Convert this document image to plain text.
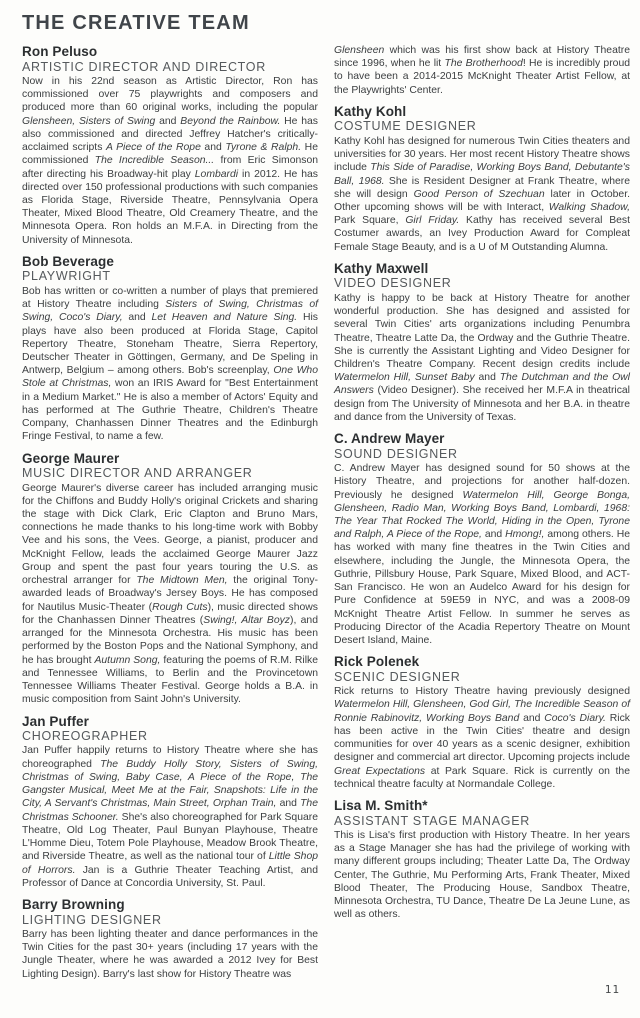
THE CREATIVE TEAM
Ron Peluso
ARTISTIC DIRECTOR AND DIRECTOR

Now in his 22nd season as Artistic Director, Ron has commissioned over 75 playwrights and composers and produced more than 60 original works, including the popular Glensheen, Sisters of Swing and Beyond the Rainbow. He has also commissioned and directed Jeffrey Hatcher's critically-acclaimed scripts A Piece of the Rope and Tyrone & Ralph. He commissioned The Incredible Season... from Eric Simonson after directing his Broadway-hit play Lombardi in 2012. He has directed over 150 professional productions with such companies as Florida Stage, Riverside Theatre, Pennsylvania Opera Theater, Mixed Blood Theatre, Old Creamery Theatre, and the Minnesota Opera. Ron holds an M.F.A. in Directing from the University of Minnesota.

Bob Beverage
PLAYWRIGHT

Bob has written or co-written a number of plays that premiered at History Theatre including Sisters of Swing, Christmas of Swing, Coco's Diary, and Let Heaven and Nature Sing. His plays have also been produced at Florida Stage, Capitol Repertory Theatre, Stoneham Theatre, Sierra Repertory, Deutscher Theater in Göttingen, Germany, and De Speling in Antwerp, Belgium – among others. Bob's screenplay, One Who Stole at Christmas, won an IRIS Award for "Best Entertainment in a Medium Market." He is also a member of Actors' Equity and has performed at The Guthrie Theatre, Children's Theatre Company, Chanhassen Dinner Theatres and the Edinburgh Fringe Festival, to name a few.

George Maurer
MUSIC DIRECTOR AND ARRANGER

George Maurer's diverse career has included arranging music for the Chiffons and Buddy Holly's original Crickets and sharing the stage with Dick Clark, Eric Clapton and Bruno Mars, connections he made thanks to his long-time work with Bobby Vee and his sons, the Vees. George, a pianist, producer and McKnight Fellow, leads the acclaimed George Maurer Jazz Group and spent the past four years touring the U.S. as orchestral arranger for The Midtown Men, the original Tony-awarded leads of Broadway's Jersey Boys. He has composed for Nautilus Music-Theater (Rough Cuts), music directed shows for the Chanhassen Dinner Theatres (Swing!, Altar Boyz), and arranged for the Minnesota Orchestra. His music has been performed by the Boston Pops and the National Symphony, and he has brought Autumn Song, featuring the poems of R.M. Rilke and Tennessee Williams, to Berlin and the Provincetown Tennessee Williams Theater Festival. George holds a B.A. in music composition from Saint John's University.

Jan Puffer
CHOREOGRAPHER

Jan Puffer happily returns to History Theatre where she has choreographed The Buddy Holly Story, Sisters of Swing, Christmas of Swing, Baby Case, A Piece of the Rope, The Gangster Musical, Meet Me at the Fair, Snapshots: Life in the City, A Servant's Christmas, Main Street, Orphan Train, and The Christmas Schooner. She's also choreographed for Park Square Theatre, Old Log Theater, Paul Bunyan Playhouse, Theatre L'Homme Dieu, Totem Pole Playhouse, Meadow Brook Theatre, and Riverside Theatre, as well as the national tour of Little Shop of Horrors. Jan is a Guthrie Theater Teaching Artist, and Professor of Dance at Concordia University, St. Paul.

Barry Browning
LIGHTING DESIGNER

Barry has been lighting theater and dance performances in the Twin Cities for the past 30+ years (including 17 years with the Jungle Theater, where he was awarded a 2012 Ivey for Best Lighting Design). Barry's last show for History Theatre was

Glensheen which was his first show back at History Theatre since 1996, when he lit The Brotherhood! He is incredibly proud to have been a 2014-2015 McKnight Theater Artist Fellow, at the Playwrights' Center.

Kathy Kohl
COSTUME DESIGNER

Kathy Kohl has designed for numerous Twin Cities theaters and universities for 30 years. Her most recent History Theatre shows include This Side of Paradise, Working Boys Band, Debutante's Ball, 1968. She is Resident Designer at Frank Theatre, where she will design Good Person of Szechuan later in October. Other upcoming shows will be with Interact, Walking Shadow, Park Square, Girl Friday. Kathy has received several Best Costumer awards, an Ivey Production Award for Compleat Female Stage Beauty, and is a U of M Outstanding Alumna.

Kathy Maxwell
VIDEO DESIGNER

Kathy is happy to be back at History Theatre for another wonderful production. She has designed and assisted for several Twin Cities' arts organizations including Penumbra Theatre, Theatre Latte Da, the Ordway and the Guthrie Theatre. She is currently the Assistant Lighting and Video Designer for Children's Theatre Company. Recent design credits include Watermelon Hill, Sunset Baby and The Dutchman and the Owl Answers (Video Designer). She received her M.F.A in theatrical design from The University of Minnesota and her B.A. in theatre and dance from the University of Texas.

C. Andrew Mayer
SOUND DESIGNER

C. Andrew Mayer has designed sound for 50 shows at the History Theatre, and projections for another half-dozen. Previously he designed Watermelon Hill, George Bonga, Glensheen, Radio Man, Working Boys Band, Lombardi, 1968: The Year That Rocked The World, Hiding in the Open, Tyrone and Ralph, A Piece of the Rope, and Hmong!, among others. He has worked with many fine theatres in the Twin Cities and elsewhere, including the Jungle, the Minnesota Opera, the Guthrie, Pillsbury House, Park Square, Mixed Blood, and ACT-San Francisco. He won an Audelco Award for his design for Pure Confidence at 59E59 in NYC, and was a 2008-09 McKnight Theatre Artist Fellow. In summer he serves as Producing Director of the Acadia Repertory Theatre on Mount Desert Island, Maine.

Rick Polenek
SCENIC DESIGNER

Rick returns to History Theatre having previously designed Watermelon Hill, Glensheen, God Girl, The Incredible Season of Ronnie Rabinovitz, Working Boys Band and Coco's Diary. Rick has been active in the Twin Cities' theatre and design communities for over 40 years as a scenic designer, exhibition designer and commercial art director. Upcoming projects include Great Expectations at Park Square. Rick is currently on the technical theatre faculty at Normandale College.

Lisa M. Smith*
ASSISTANT STAGE MANAGER

This is Lisa's first production with History Theatre. In her years as a Stage Manager she has had the privilege of working with many different groups including; Theater Latte Da, The Ordway Center, The Guthrie, Mu Performing Arts, Frank Theater, Mixed Blood Theater, The Producing House, Sandbox Theatre, Minnesota Orchestra, TU Dance, Theatre De La Jeune Lune, as well as others.

11
